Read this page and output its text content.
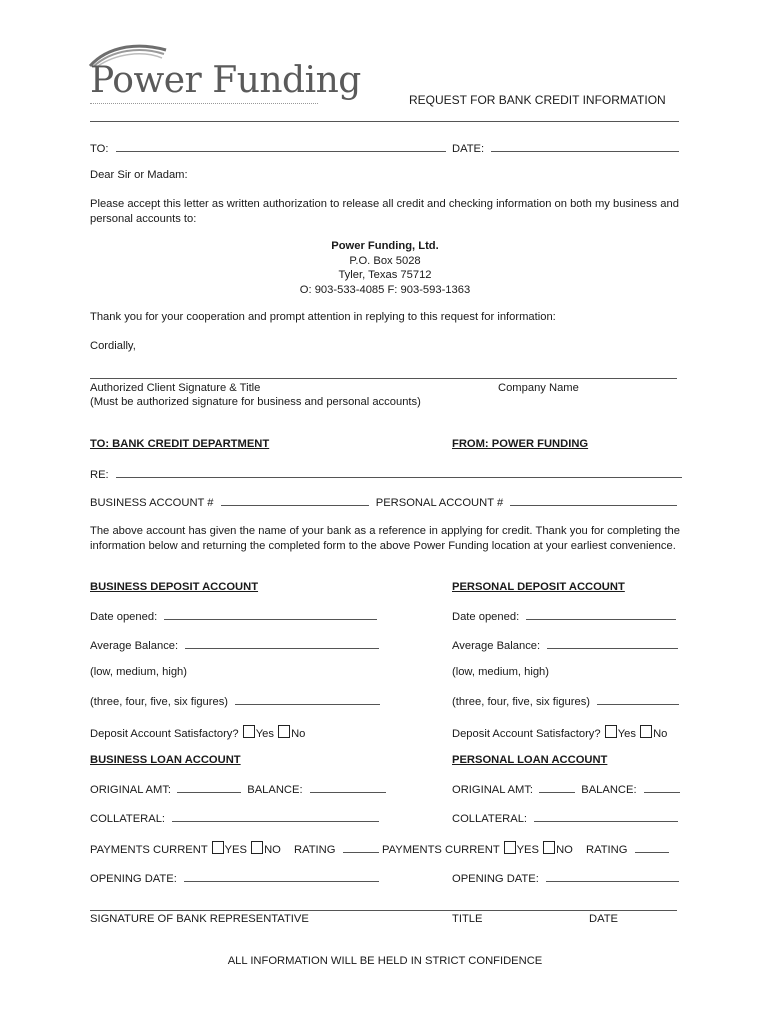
Power Funding	REQUEST FOR BANK CREDIT INFORMATION
TO:	DATE:
Dear Sir or Madam:
Please accept this letter as written authorization to release all credit and checking information on both my business and personal accounts to:
Power Funding, Ltd.
P.O. Box 5028
Tyler, Texas 75712
O: 903-533-4085 F: 903-593-1363
Thank you for your cooperation and prompt attention in replying to this request for information:
Cordially,
Authorized Client Signature & Title	Company Name
(Must be authorized signature for business and personal accounts)
TO: BANK CREDIT DEPARTMENT	FROM: POWER FUNDING
RE:
BUSINESS ACCOUNT #	PERSONAL ACCOUNT #
The above account has given the name of your bank as a reference in applying for credit. Thank you for completing the information below and returning the completed form to the above Power Funding location at your earliest convenience.
BUSINESS DEPOSIT ACCOUNT
Date opened:
Average Balance:
(low, medium, high)
(three, four, five, six figures)
Deposit Account Satisfactory? Yes No
BUSINESS LOAN ACCOUNT
ORIGINAL AMT:	BALANCE:
COLLATERAL:
PAYMENTS CURRENT YES NO RATING
OPENING DATE:
PERSONAL DEPOSIT ACCOUNT
Date opened:
Average Balance:
(low, medium, high)
(three, four, five, six figures)
Deposit Account Satisfactory? Yes No
PERSONAL LOAN ACCOUNT
ORIGINAL AMT:	BALANCE:
COLLATERAL:
PAYMENTS CURRENT YES NO RATING
OPENING DATE:
SIGNATURE OF BANK REPRESENTATIVE	TITLE	DATE
ALL INFORMATION WILL BE HELD IN STRICT CONFIDENCE
